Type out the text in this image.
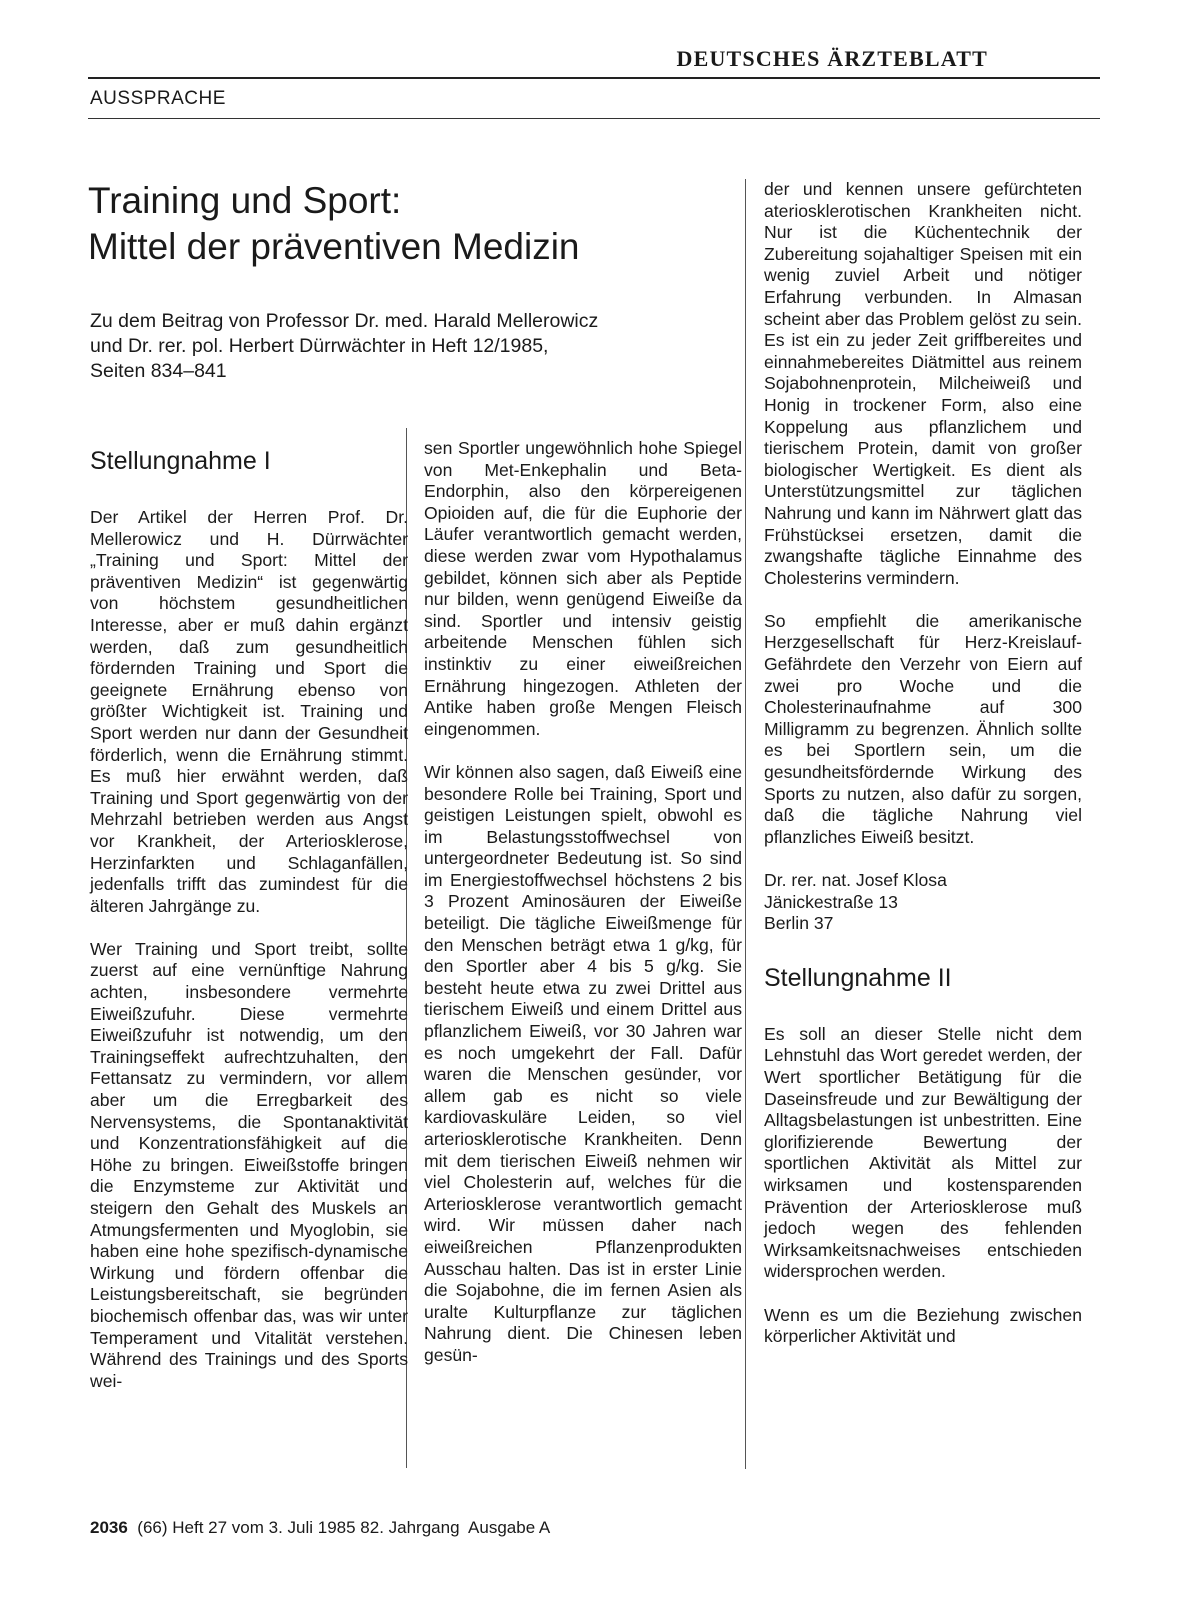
DEUTSCHES ÄRZTEBLATT
AUSSPRACHE
Training und Sport:
Mittel der präventiven Medizin
Zu dem Beitrag von Professor Dr. med. Harald Mellerowicz
und Dr. rer. pol. Herbert Dürrwächter in Heft 12/1985,
Seiten 834–841
Stellungnahme I

Der Artikel der Herren Prof. Dr. Mellerowicz und H. Dürrwächter „Training und Sport: Mittel der präventiven Medizin“ ist gegenwärtig von höchstem gesundheitlichen Interesse, aber er muß dahin ergänzt werden, daß zum gesundheitlich fördernden Training und Sport die geeignete Ernährung ebenso von größter Wichtigkeit ist. Training und Sport werden nur dann der Gesundheit förderlich, wenn die Ernährung stimmt. Es muß hier erwähnt werden, daß Training und Sport gegenwärtig von der Mehrzahl betrieben werden aus Angst vor Krankheit, der Arteriosklerose, Herzinfarkten und Schlaganfällen, jedenfalls trifft das zumindest für die älteren Jahrgänge zu.

Wer Training und Sport treibt, sollte zuerst auf eine vernünftige Nahrung achten, insbesondere vermehrte Eiweißzufuhr. Diese vermehrte Eiweißzufuhr ist notwendig, um den Trainingseffekt aufrechtzuhalten, den Fettansatz zu vermindern, vor allem aber um die Erregbarkeit des Nervensystems, die Spontanaktivität und Konzentrationsfähigkeit auf die Höhe zu bringen. Eiweißstoffe bringen die Enzymsteme zur Aktivität und steigern den Gehalt des Muskels an Atmungsfermenten und Myoglobin, sie haben eine hohe spezifisch-dynamische Wirkung und fördern offenbar die Leistungsbereitschaft, sie begründen biochemisch offenbar das, was wir unter Temperament und Vitalität verstehen. Während des Trainings und des Sports wei-

sen Sportler ungewöhnlich hohe Spiegel von Met-Enkephalin und Beta-Endorphin, also den körpereigenen Opioiden auf, die für die Euphorie der Läufer verantwortlich gemacht werden, diese werden zwar vom Hypothalamus gebildet, können sich aber als Peptide nur bilden, wenn genügend Eiweiße da sind. Sportler und intensiv geistig arbeitende Menschen fühlen sich instinktiv zu einer eiweißreichen Ernährung hingezogen. Athleten der Antike haben große Mengen Fleisch eingenommen.

Wir können also sagen, daß Eiweiß eine besondere Rolle bei Training, Sport und geistigen Leistungen spielt, obwohl es im Belastungsstoffwechsel von untergeordneter Bedeutung ist. So sind im Energiestoffwechsel höchstens 2 bis 3 Prozent Aminosäuren der Eiweiße beteiligt. Die tägliche Eiweißmenge für den Menschen beträgt etwa 1 g/kg, für den Sportler aber 4 bis 5 g/kg. Sie besteht heute etwa zu zwei Drittel aus tierischem Eiweiß und einem Drittel aus pflanzlichem Eiweiß, vor 30 Jahren war es noch umgekehrt der Fall. Dafür waren die Menschen gesünder, vor allem gab es nicht so viele kardiovaskuläre Leiden, so viel arteriosklerotische Krankheiten. Denn mit dem tierischen Eiweiß nehmen wir viel Cholesterin auf, welches für die Arteriosklerose verantwortlich gemacht wird. Wir müssen daher nach eiweißreichen Pflanzenprodukten Ausschau halten. Das ist in erster Linie die Sojabohne, die im fernen Asien als uralte Kulturpflanze zur täglichen Nahrung dient. Die Chinesen leben gesün-

der und kennen unsere gefürchteten ateriosklerotischen Krankheiten nicht. Nur ist die Küchentechnik der Zubereitung sojahaltiger Speisen mit ein wenig zuviel Arbeit und nötiger Erfahrung verbunden. In Almasan scheint aber das Problem gelöst zu sein. Es ist ein zu jeder Zeit griffbereites und einnahmebereites Diätmittel aus reinem Sojabohnenprotein, Milcheiweiß und Honig in trockener Form, also eine Koppelung aus pflanzlichem und tierischem Protein, damit von großer biologischer Wertigkeit. Es dient als Unterstützungsmittel zur täglichen Nahrung und kann im Nährwert glatt das Frühstücksei ersetzen, damit die zwangshafte tägliche Einnahme des Cholesterins vermindern.

So empfiehlt die amerikanische Herzgesellschaft für Herz-Kreislauf-Gefährdete den Verzehr von Eiern auf zwei pro Woche und die Cholesterinaufnahme auf 300 Milligramm zu begrenzen. Ähnlich sollte es bei Sportlern sein, um die gesundheitsfördernde Wirkung des Sports zu nutzen, also dafür zu sorgen, daß die tägliche Nahrung viel pflanzliches Eiweiß besitzt.

Dr. rer. nat. Josef Klosa
Jänickestraße 13
Berlin 37
Stellungnahme II

Es soll an dieser Stelle nicht dem Lehnstuhl das Wort geredet werden, der Wert sportlicher Betätigung für die Daseinsfreude und zur Bewältigung der Alltagsbelastungen ist unbestritten. Eine glorifizierende Bewertung der sportlichen Aktivität als Mittel zur wirksamen und kostensparenden Prävention der Arteriosklerose muß jedoch wegen des fehlenden Wirksamkeitsnachweises entschieden widersprochen werden.

Wenn es um die Beziehung zwischen körperlicher Aktivität und

2036 (66) Heft 27 vom 3. Juli 1985 82. Jahrgang  Ausgabe A
